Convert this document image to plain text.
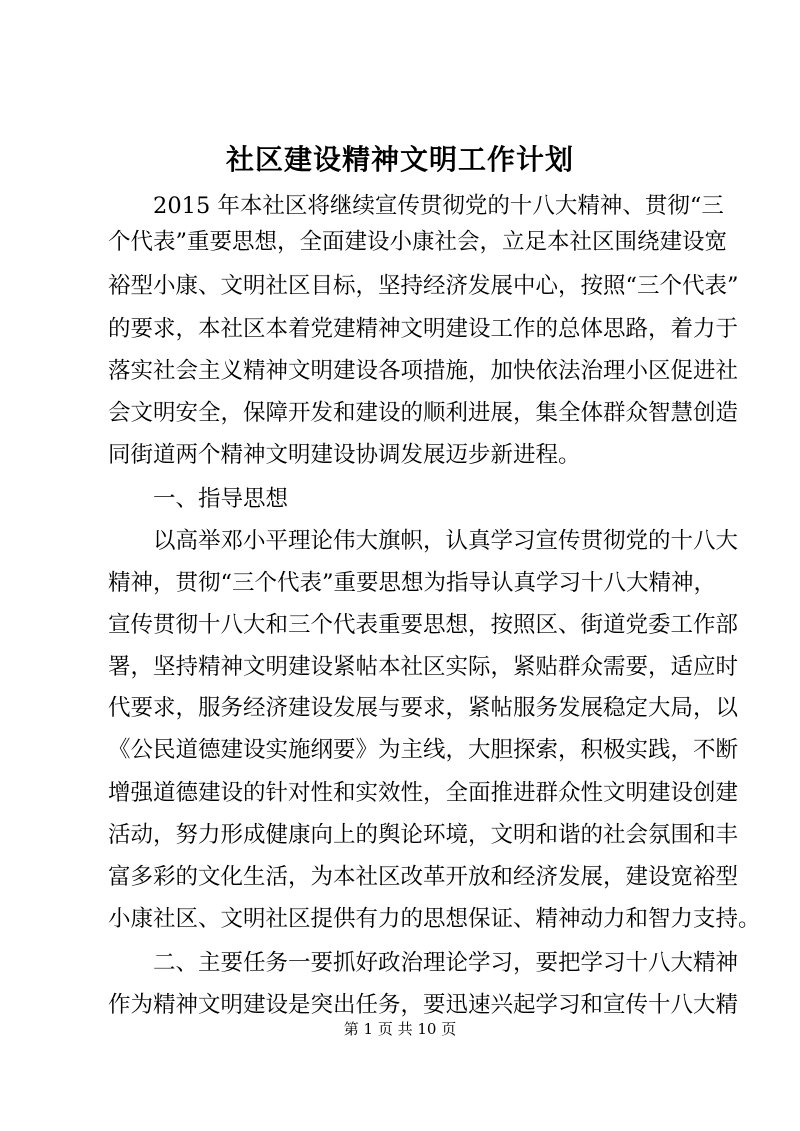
社区建设精神文明工作计划
　　2015 年本社区将继续宣传贯彻党的十八大精神、贯彻“三
个代表”重要思想，全面建设小康社会，立足本社区围绕建设宽
裕型小康、文明社区目标，坚持经济发展中心，按照“三个代表”
的要求，本社区本着党建精神文明建设工作的总体思路，着力于
落实社会主义精神文明建设各项措施，加快依法治理小区促进社
会文明安全，保障开发和建设的顺利进展，集全体群众智慧创造
同街道两个精神文明建设协调发展迈步新进程。
　　一、指导思想
　　以高举邓小平理论伟大旗帜，认真学习宣传贯彻党的十八大
精神，贯彻“三个代表”重要思想为指导认真学习十八大精神，
宣传贯彻十八大和三个代表重要思想，按照区、街道党委工作部
署，坚持精神文明建设紧帖本社区实际，紧贴群众需要，适应时
代要求，服务经济建设发展与要求，紧帖服务发展稳定大局，以
《公民道德建设实施纲要》为主线，大胆探索，积极实践，不断
增强道德建设的针对性和实效性，全面推进群众性文明建设创建
活动，努力形成健康向上的舆论环境，文明和谐的社会氛围和丰
富多彩的文化生活，为本社区改革开放和经济发展，建设宽裕型
小康社区、文明社区提供有力的思想保证、精神动力和智力支持。
　　二、主要任务一要抓好政治理论学习，要把学习十八大精神
作为精神文明建设是突出任务，要迅速兴起学习和宣传十八大精
第 1 页 共 10 页
